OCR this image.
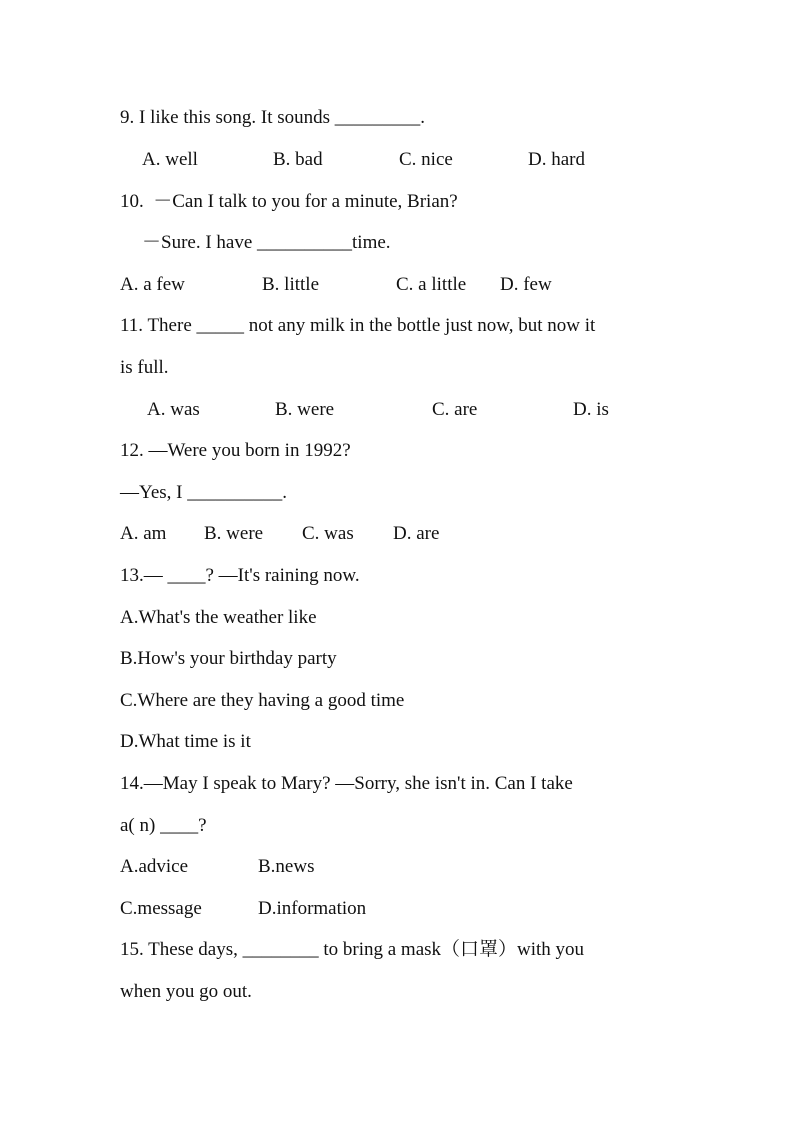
9. I like this song. It sounds _________.
A. well	B. bad	C. nice	D. hard
10.  －Can I talk to you for a minute, Brian?
－Sure. I have __________time.
A. a few	B. little	C. a little D. few
11. There _____ not any milk in the bottle just now, but now it
is full.
A. was	B. were	C. are	D. is
12. —Were you born in 1992?
—Yes, I __________.
A. am B. were C. was D. are
13.— ____? —It's raining now.
A.What's the weather like
B.How's your birthday party
C.Where are they having a good time
D.What time is it
14.—May I speak to Mary? —Sorry, she isn't in. Can I take
a( n) ____?
A.advice	B.news
C.message	D.information
15. These days, ________ to bring a mask（口罩）with you
when you go out.
